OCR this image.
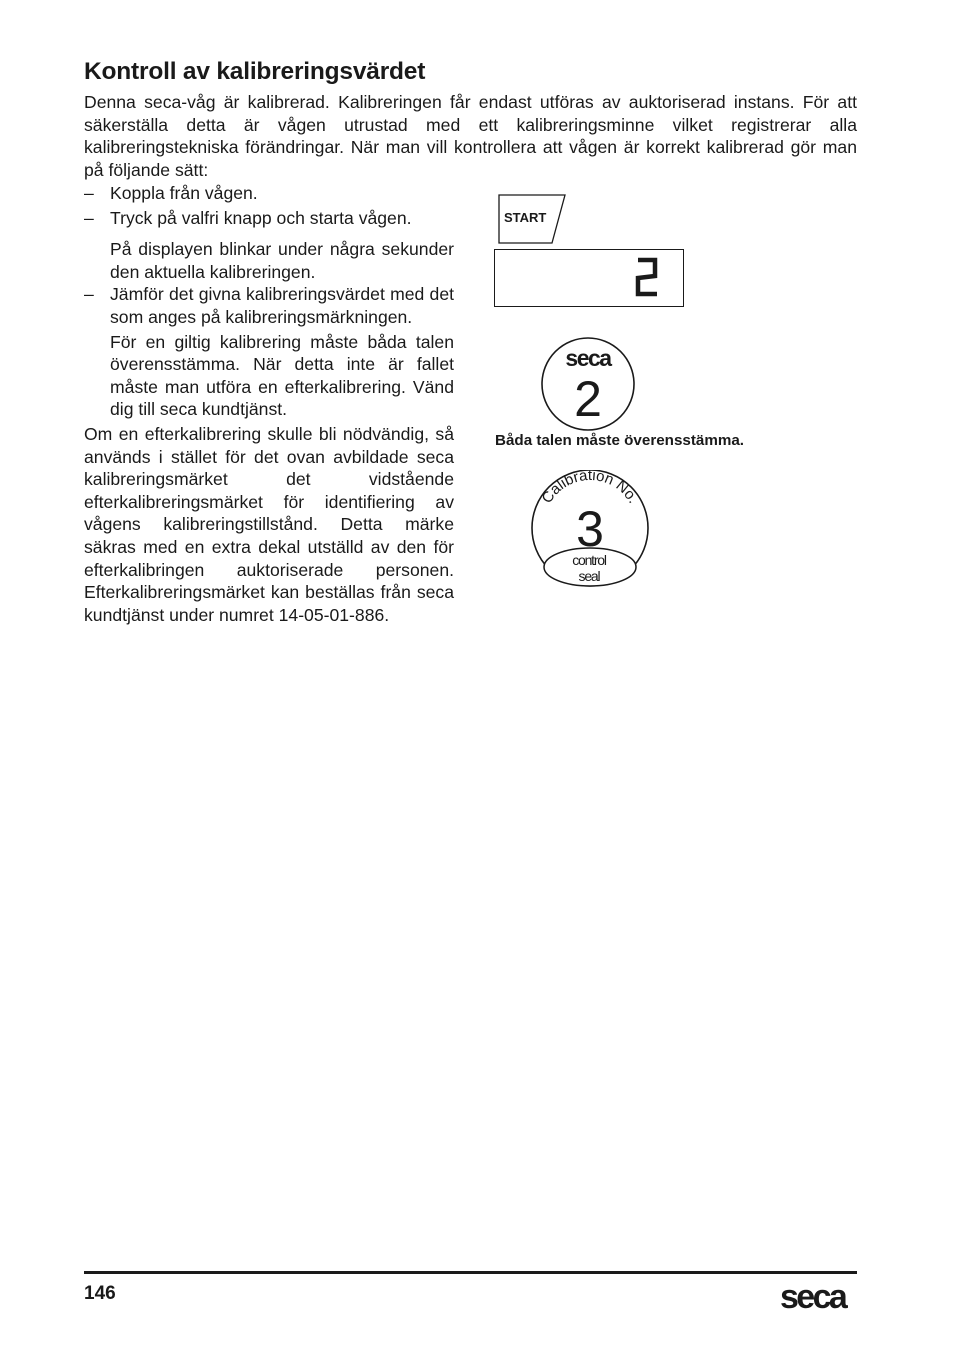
Kontroll av kalibreringsvärdet

Denna seca-våg är kalibrerad. Kalibreringen får endast utföras av auktoriserad instans. För att säkerställa detta är vågen utrustad med ett kalibreringsminne vilket registrerar alla kalibreringstekniska förändringar. När man vill kontrollera att vågen är korrekt kalibrerad gör man på följande sätt:

– Koppla från vågen.

– Tryck på valfri knapp och starta vågen.

På displayen blinkar under några sekunder den aktuella kalibreringen.

– Jämför det givna kalibreringsvärdet med det som anges på kalibreringsmärkningen.

För en giltig kalibrering måste båda talen överensstämma. När detta inte är fallet måste man utföra en efterkalibrering. Vänd dig till seca kundtjänst.

Om en efterkalibrering skulle bli nödvändig, så används i stället för det ovan avbildade seca kalibreringsmärket det vidstående efterkalibreringsmärket för identifiering av vågens kalibreringstillstånd. Detta märke säkras med en extra dekal utställd av den för efterkalibringen auktoriserade personen. Efterkalibreringsmärket kan beställas från seca kundtjänst under numret 14-05-01-886.

START
seca
2

Båda talen måste överensstämma.

Calibration No.
3
control
seal

146	seca
